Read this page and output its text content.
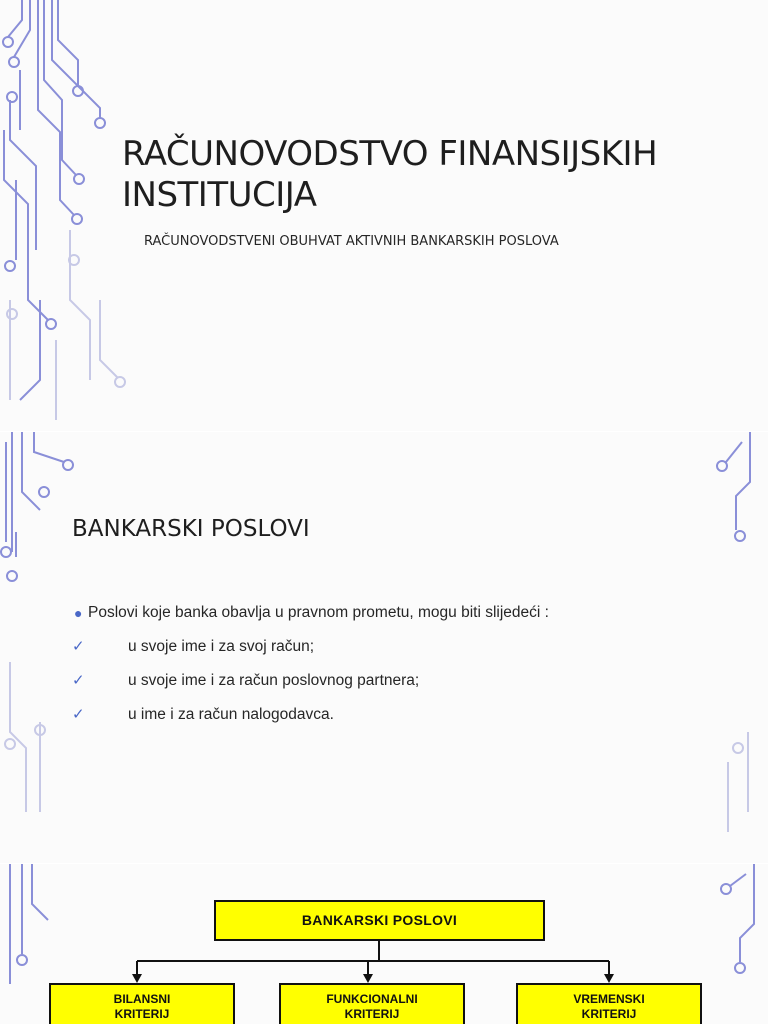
RAČUNOVODSTVO FINANSIJSKIH INSTITUCIJA
RAČUNOVODSTVENI OBUHVAT AKTIVNIH BANKARSKIH POSLOVA
BANKARSKI POSLOVI
● Poslovi koje banka obavlja u pravnom prometu, mogu biti slijedeći :
✓	u svoje ime i za svoj račun;
✓	u svoje ime i za račun poslovnog partnera;
✓	u ime i za račun nalogodavca.
BANKARSKI POSLOVI
BILANSNI
KRITERIJ
FUNKCIONALNI
KRITERIJ
VREMENSKI
KRITERIJ
